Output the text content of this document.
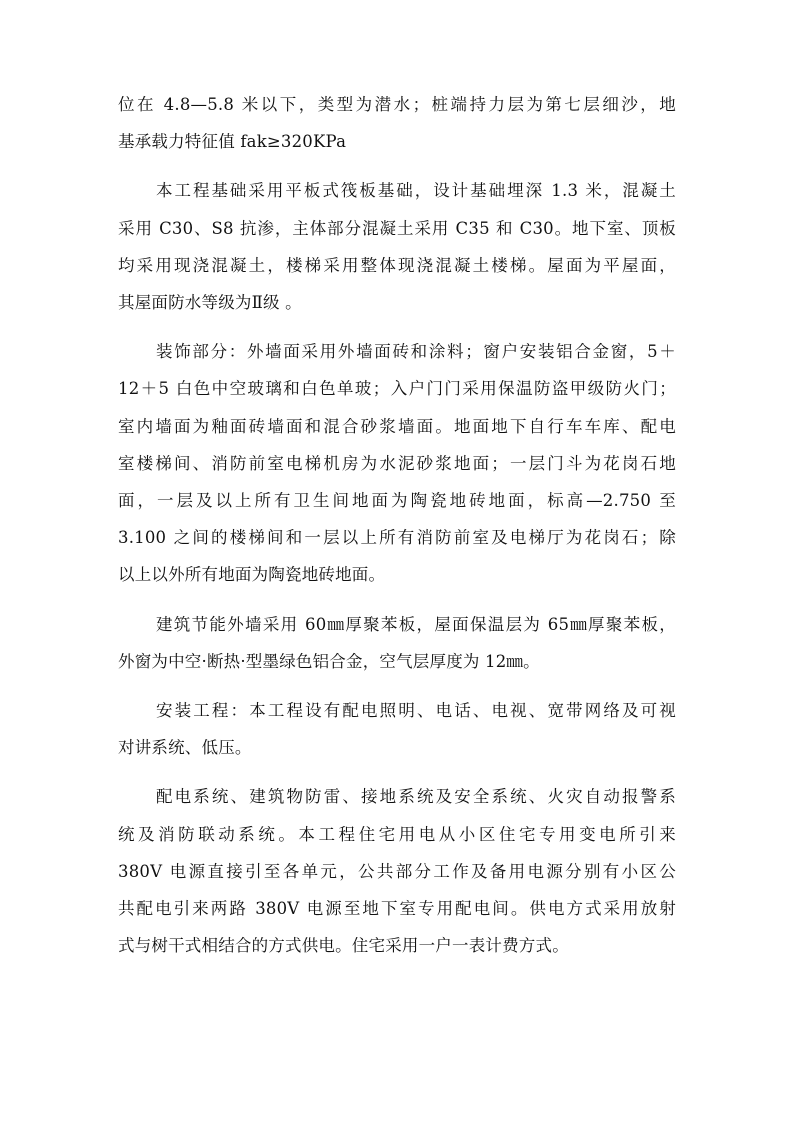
位在 4.8—5.8 米以下，类型为潜水；桩端持力层为第七层细沙，地
基承载力特征值 fak≥320KPa
本工程基础采用平板式筏板基础，设计基础埋深 1.3 米，混凝土
采用 C30、S8 抗渗，主体部分混凝土采用 C35 和 C30。地下室、顶板
均采用现浇混凝土，楼梯采用整体现浇混凝土楼梯。屋面为平屋面，
其屋面防水等级为Ⅱ级 。
装饰部分：外墙面采用外墙面砖和涂料；窗户安装铝合金窗，5＋
12＋5 白色中空玻璃和白色单玻；入户门门采用保温防盗甲级防火门；
室内墙面为釉面砖墙面和混合砂浆墙面。地面地下自行车车库、配电
室楼梯间、消防前室电梯机房为水泥砂浆地面；一层门斗为花岗石地
面，一层及以上所有卫生间地面为陶瓷地砖地面，标高—2.750 至
3.100 之间的楼梯间和一层以上所有消防前室及电梯厅为花岗石；除
以上以外所有地面为陶瓷地砖地面。
建筑节能外墙采用 60㎜厚聚苯板，屋面保温层为 65㎜厚聚苯板，
外窗为中空·断热·型墨绿色铝合金，空气层厚度为 12㎜。
安装工程：本工程设有配电照明、电话、电视、宽带网络及可视
对讲系统、低压。
配电系统、建筑物防雷、接地系统及安全系统、火灾自动报警系
统及消防联动系统。本工程住宅用电从小区住宅专用变电所引来
380V 电源直接引至各单元，公共部分工作及备用电源分别有小区公
共配电引来两路 380V 电源至地下室专用配电间。供电方式采用放射
式与树干式相结合的方式供电。住宅采用一户一表计费方式。
